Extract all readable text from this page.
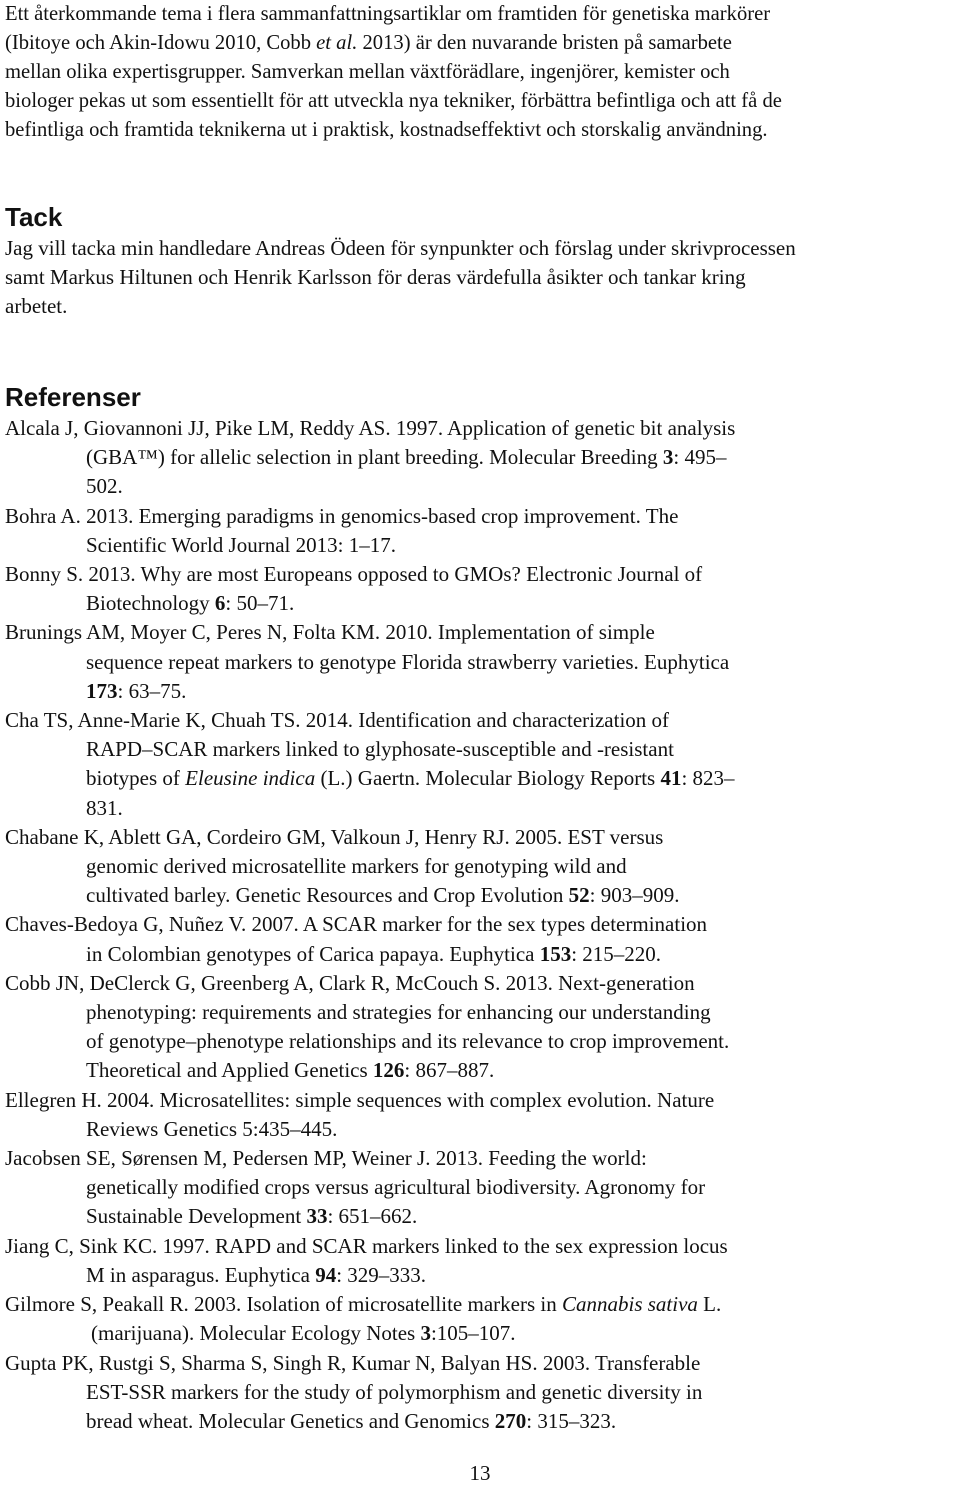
Ett återkommande tema i flera sammanfattningsartiklar om framtiden för genetiska markörer
(Ibitoye och Akin-Idowu 2010, Cobb et al. 2013) är den nuvarande bristen på samarbete
mellan olika expertisgrupper. Samverkan mellan växtförädlare, ingenjörer, kemister och
biologer pekas ut som essentiellt för att utveckla nya tekniker, förbättra befintliga och att få de
befintliga och framtida teknikerna ut i praktisk, kostnadseffektivt och storskalig användning.
Tack
Jag vill tacka min handledare Andreas Ödeen för synpunkter och förslag under skrivprocessen
samt Markus Hiltunen och Henrik Karlsson för deras värdefulla åsikter och tankar kring
arbetet.
Referenser
Alcala J, Giovannoni JJ, Pike LM, Reddy AS. 1997. Application of genetic bit analysis
(GBA™) for allelic selection in plant breeding. Molecular Breeding 3: 495–
502.
Bohra A. 2013. Emerging paradigms in genomics-based crop improvement. The
Scientific World Journal 2013: 1–17.
Bonny S. 2013. Why are most Europeans opposed to GMOs? Electronic Journal of
Biotechnology 6: 50–71.
Brunings AM, Moyer C, Peres N, Folta KM. 2010. Implementation of simple
sequence repeat markers to genotype Florida strawberry varieties. Euphytica
173: 63–75.
Cha TS, Anne-Marie K, Chuah TS. 2014. Identification and characterization of
RAPD–SCAR markers linked to glyphosate-susceptible and -resistant
biotypes of Eleusine indica (L.) Gaertn. Molecular Biology Reports 41: 823–
831.
Chabane K, Ablett GA, Cordeiro GM, Valkoun J, Henry RJ. 2005. EST versus
genomic derived microsatellite markers for genotyping wild and
cultivated barley. Genetic Resources and Crop Evolution 52: 903–909.
Chaves-Bedoya G, Nuñez V. 2007. A SCAR marker for the sex types determination
in Colombian genotypes of Carica papaya. Euphytica 153: 215–220.
Cobb JN, DeClerck G, Greenberg A, Clark R, McCouch S. 2013. Next-generation
phenotyping: requirements and strategies for enhancing our understanding
of genotype–phenotype relationships and its relevance to crop improvement.
Theoretical and Applied Genetics 126: 867–887.
Ellegren H. 2004. Microsatellites: simple sequences with complex evolution. Nature
Reviews Genetics 5:435–445.
Jacobsen SE, Sørensen M, Pedersen MP, Weiner J. 2013. Feeding the world:
genetically modified crops versus agricultural biodiversity. Agronomy for
Sustainable Development 33: 651–662.
Jiang C, Sink KC. 1997. RAPD and SCAR markers linked to the sex expression locus
M in asparagus. Euphytica 94: 329–333.
Gilmore S, Peakall R. 2003. Isolation of microsatellite markers in Cannabis sativa L.
(marijuana). Molecular Ecology Notes 3:105–107.
Gupta PK, Rustgi S, Sharma S, Singh R, Kumar N, Balyan HS. 2003. Transferable
EST-SSR markers for the study of polymorphism and genetic diversity in
bread wheat. Molecular Genetics and Genomics 270: 315–323.
13
